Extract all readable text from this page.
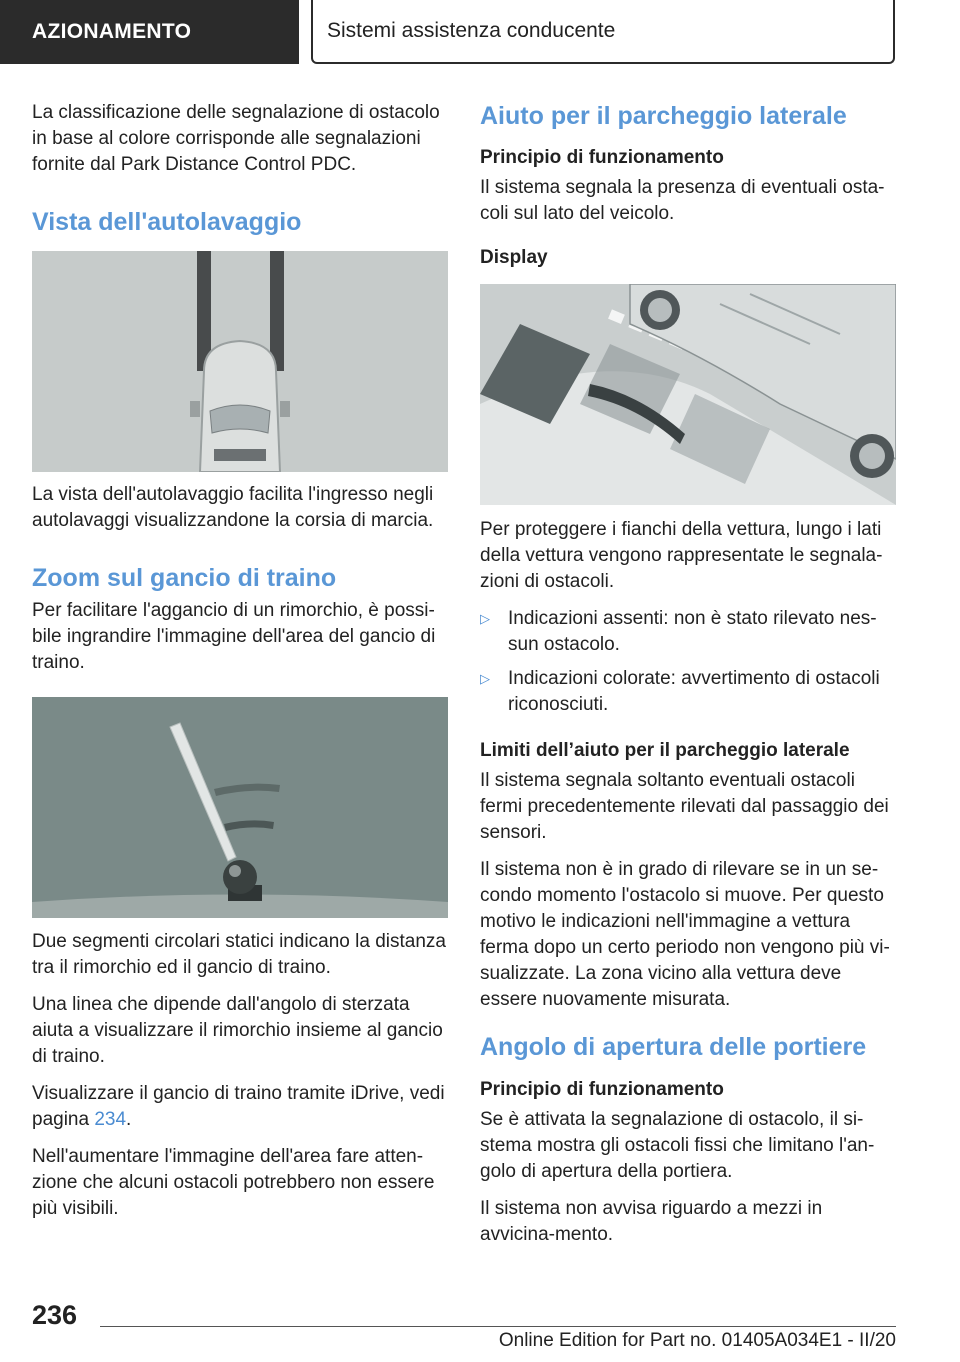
AZIONAMENTO	Sistemi assistenza conducente

La classificazione delle segnalazione di ostacolo in base al colore corrisponde alle segnalazioni fornite dal Park Distance Control PDC.

Vista dell'autolavaggio

La vista dell'autolavaggio facilita l'ingresso negli autolavaggi visualizzandone la corsia di marcia.

Zoom sul gancio di traino

Per facilitare l'aggancio di un rimorchio, è possi-bile ingrandire l'immagine dell'area del gancio di traino.

Due segmenti circolari statici indicano la distanza tra il rimorchio ed il gancio di traino.

Una linea che dipende dall'angolo di sterzata aiuta a visualizzare il rimorchio insieme al gancio di traino.

Visualizzare il gancio di traino tramite iDrive, vedi pagina 234.

Nell'aumentare l'immagine dell'area fare atten-zione che alcuni ostacoli potrebbero non essere più visibili.

Aiuto per il parcheggio laterale
Principio di funzionamento

Il sistema segnala la presenza di eventuali osta-coli sul lato del veicolo.

Display

Per proteggere i fianchi della vettura, lungo i lati della vettura vengono rappresentate le segnala-zioni di ostacoli.

▷ Indicazioni assenti: non è stato rilevato nes-sun ostacolo.
▷ Indicazioni colorate: avvertimento di ostacoli riconosciuti.
Limiti dell’aiuto per il parcheggio laterale

Il sistema segnala soltanto eventuali ostacoli fermi precedentemente rilevati dal passaggio dei sensori.

Il sistema non è in grado di rilevare se in un se-condo momento l'ostacolo si muove. Per questo motivo le indicazioni nell'immagine a vettura ferma dopo un certo periodo non vengono più vi-sualizzate. La zona vicino alla vettura deve essere nuovamente misurata.

Angolo di apertura delle portiere
Principio di funzionamento

Se è attivata la segnalazione di ostacolo, il si-stema mostra gli ostacoli fissi che limitano l'an-golo di apertura della portiera.

Il sistema non avvisa riguardo a mezzi in avvicina-mento.

236
Online Edition for Part no. 01405A034E1 - II/20
